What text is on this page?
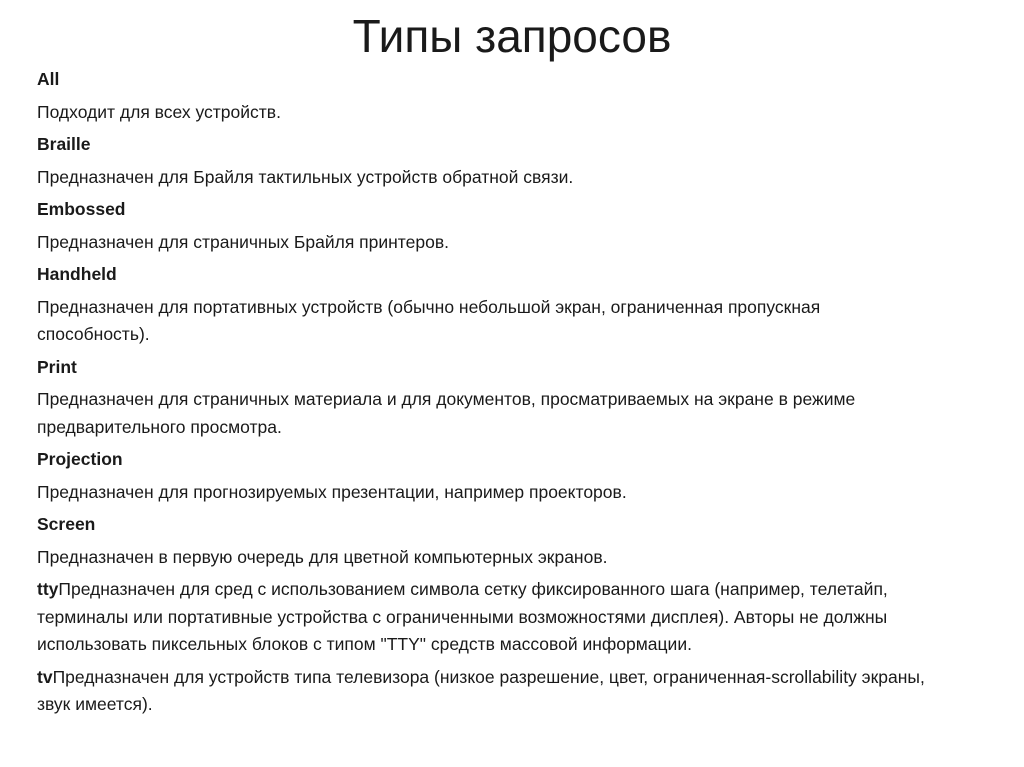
Типы запросов
All
Подходит для всех устройств.
Braille
Предназначен для Брайля тактильных устройств обратной связи.
Embossed
Предназначен для страничных Брайля принтеров.
Handheld
Предназначен для портативных устройств (обычно небольшой экран, ограниченная пропускная способность).
Print
Предназначен для страничных материала и для документов, просматриваемых на экране в режиме предварительного просмотра.
Projection
Предназначен для прогнозируемых презентации, например проекторов.
Screen
Предназначен в первую очередь для цветной компьютерных экранов.
ttyПредназначен для сред с использованием символа сетку фиксированного шага (например, телетайп, терминалы или портативные устройства с ограниченными возможностями дисплея). Авторы не должны использовать пиксельных блоков с типом "TTY" средств массовой информации.
tvПредназначен для устройств типа телевизора (низкое разрешение, цвет, ограниченная-scrollability экраны, звук имеется).
